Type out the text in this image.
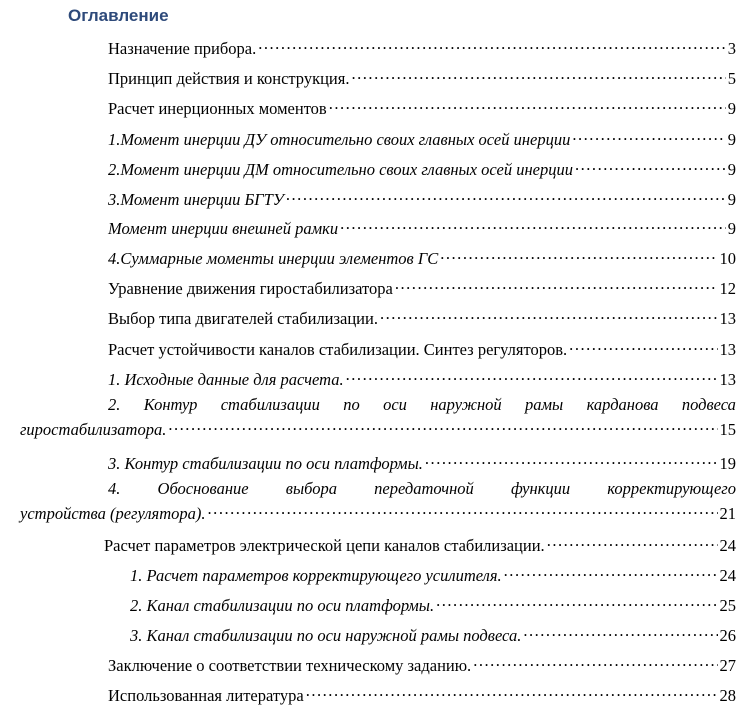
Оглавление
Назначение прибора. . . .	3
Принцип действия и конструкция. . . .	5
Расчет инерционных моментов . . .	9
1.Момент инерции ДУ относительно своих главных осей инерции . . .	9
2.Момент инерции ДМ относительно своих главных осей инерции . . .	9
3.Момент инерции БГТУ . . .	9
Момент инерции внешней рамки . . .	9
4.Суммарные моменты инерции элементов ГС . . .	10
Уравнение движения гиростабилизатора . . .	12
Выбор типа двигателей стабилизации. . . .	13
Расчет устойчивости каналов стабилизации. Синтез регуляторов. . . .	13
1. Исходные данные для расчета. . . .	13
2. Контур стабилизации по оси наружной рамы карданова подвеса
гиростабилизатора. . . .	15
3. Контур стабилизации по оси платформы. . . .	19
4. Обоснование выбора передаточной функции корректирующего
устройства (регулятора). . . .	21
Расчет параметров электрической цепи каналов стабилизации. . . .	24
1. Расчет параметров корректирующего усилителя. . . .	24
2. Канал стабилизации по оси платформы. . . .	25
3. Канал стабилизации по оси наружной рамы подвеса. . . .	26
Заключение о соответствии техническому заданию. . . .	27
Использованная литература . . .	28
